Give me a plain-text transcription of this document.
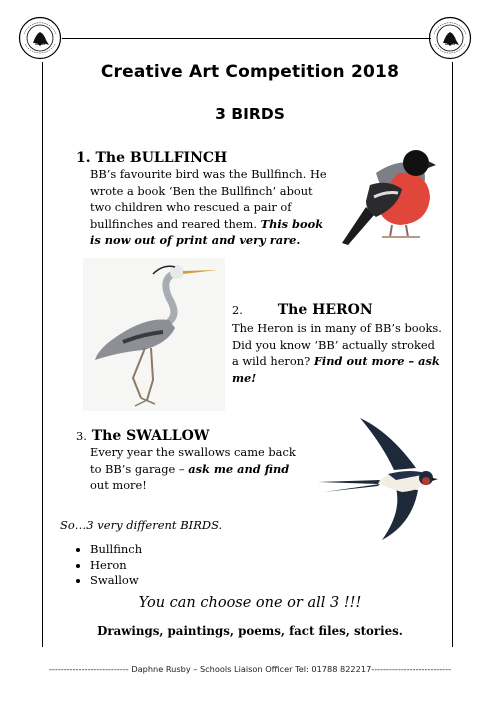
Creative Art Competition 2018
3 BIRDS
1. The BULLFINCH
BB’s favourite bird was the Bullfinch. He wrote a book ‘Ben the Bullfinch’ about two children who rescued a pair of bullfinches and reared them. This book is now out of print and very rare.
2. The HERON
The Heron is in many of BB’s books. Did you know ‘BB’ actually stroked a wild heron? Find out more – ask me!
3. The SWALLOW
Every year the swallows came back to BB’s garage – ask me and find out more!
So…3 very different BIRDS.
• Bullfinch
• Heron
• Swallow
You can choose one or all 3 !!!
Drawings, paintings, poems, fact files, stories.
--------------------------- Daphne Rusby – Schools Liaison Officer Tel: 01788 822217---------------------------
